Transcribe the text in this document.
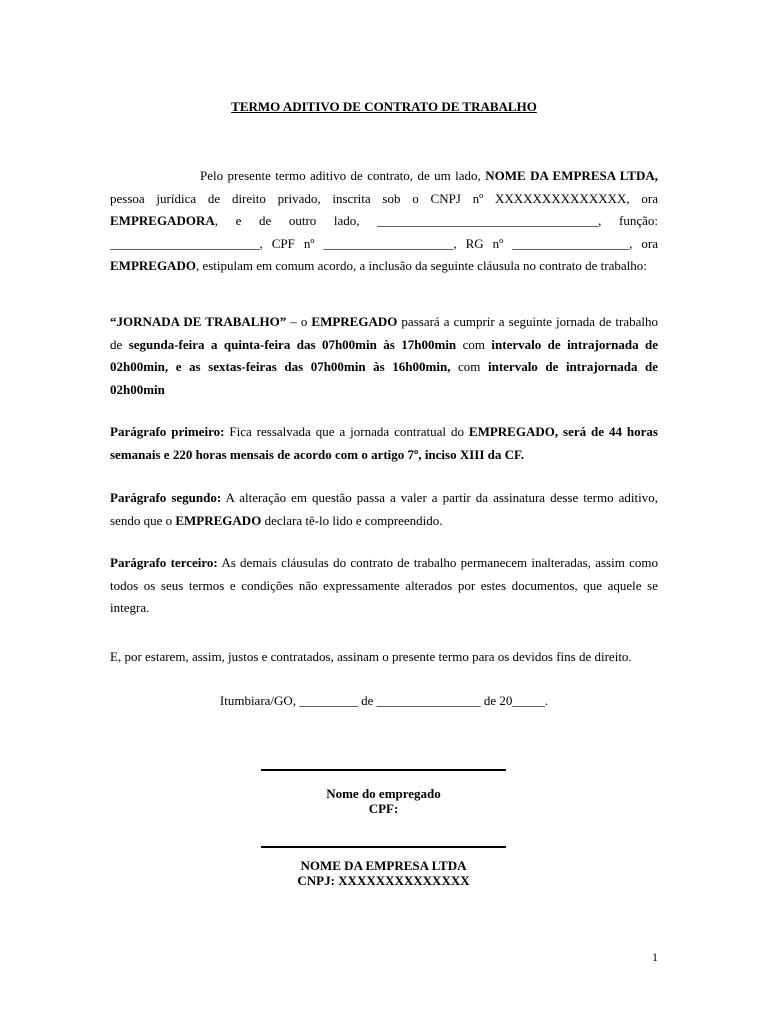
TERMO ADITIVO DE CONTRATO DE TRABALHO
Pelo presente termo aditivo de contrato, de um lado, NOME DA EMPRESA LTDA, pessoa jurídica de direito privado, inscrita sob o CNPJ nº XXXXXXXXXXXXXX, ora EMPREGADORA, e de outro lado, __________________________________, função: _______________________, CPF nº ____________________, RG nº __________________, ora EMPREGADO, estipulam em comum acordo, a inclusão da seguinte cláusula no contrato de trabalho:
“JORNADA DE TRABALHO” – o EMPREGADO passará a cumprir a seguinte jornada de trabalho de segunda-feira a quinta-feira das 07h00min às 17h00min com intervalo de intrajornada de 02h00min, e as sextas-feiras das 07h00min às 16h00min, com intervalo de intrajornada de 02h00min
Parágrafo primeiro: Fica ressalvada que a jornada contratual do EMPREGADO, será de 44 horas semanais e 220 horas mensais de acordo com o artigo 7º, inciso XIII da CF.
Parágrafo segundo: A alteração em questão passa a valer a partir da assinatura desse termo aditivo, sendo que o EMPREGADO declara tê-lo lido e compreendido.
Parágrafo terceiro: As demais cláusulas do contrato de trabalho permanecem inalteradas, assim como todos os seus termos e condições não expressamente alterados por estes documentos, que aquele se integra.
E, por estarem, assim, justos e contratados, assinam o presente termo para os devidos fins de direito.
Itumbiara/GO, _________ de ________________ de 20_____.
Nome do empregado
CPF:
NOME DA EMPRESA LTDA
CNPJ: XXXXXXXXXXXXXX
1
